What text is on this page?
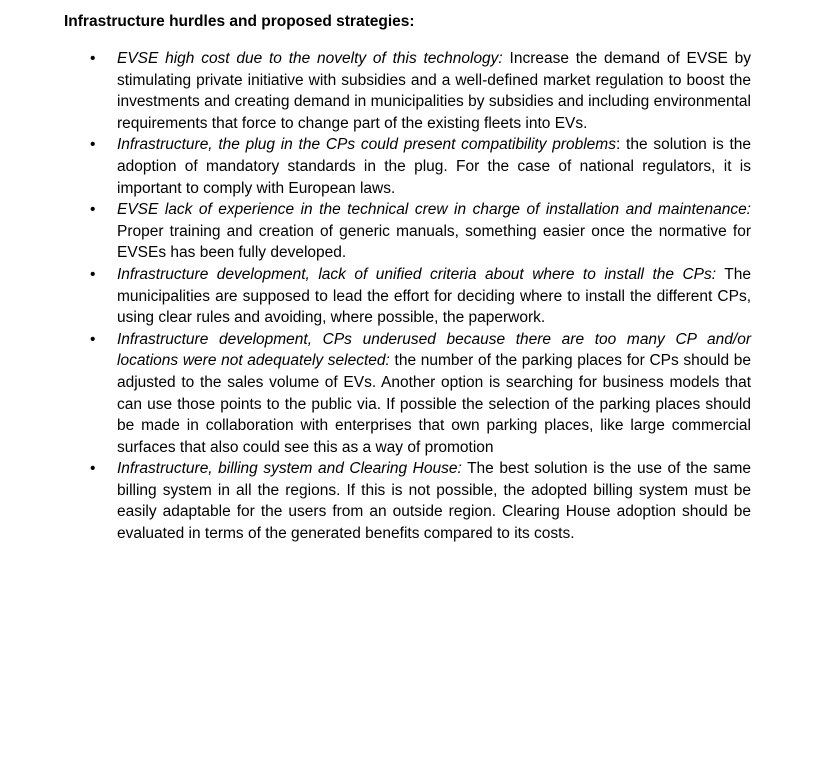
Infrastructure hurdles and proposed strategies:

• EVSE high cost due to the novelty of this technology: Increase the demand of EVSE by stimulating private initiative with subsidies and a well-defined market regulation to boost the investments and creating demand in municipalities by subsidies and including environmental requirements that force to change part of the existing fleets into EVs.
• Infrastructure, the plug in the CPs could present compatibility problems: the solution is the adoption of mandatory standards in the plug. For the case of national regulators, it is important to comply with European laws.
• EVSE lack of experience in the technical crew in charge of installation and maintenance: Proper training and creation of generic manuals, something easier once the normative for EVSEs has been fully developed.
• Infrastructure development, lack of unified criteria about where to install the CPs: The municipalities are supposed to lead the effort for deciding where to install the different CPs, using clear rules and avoiding, where possible, the paperwork.
• Infrastructure development, CPs underused because there are too many CP and/or locations were not adequately selected: the number of the parking places for CPs should be adjusted to the sales volume of EVs. Another option is searching for business models that can use those points to the public via. If possible the selection of the parking places should be made in collaboration with enterprises that own parking places, like large commercial surfaces that also could see this as a way of promotion
• Infrastructure, billing system and Clearing House: The best solution is the use of the same billing system in all the regions. If this is not possible, the adopted billing system must be easily adaptable for the users from an outside region. Clearing House adoption should be evaluated in terms of the generated benefits compared to its costs.
